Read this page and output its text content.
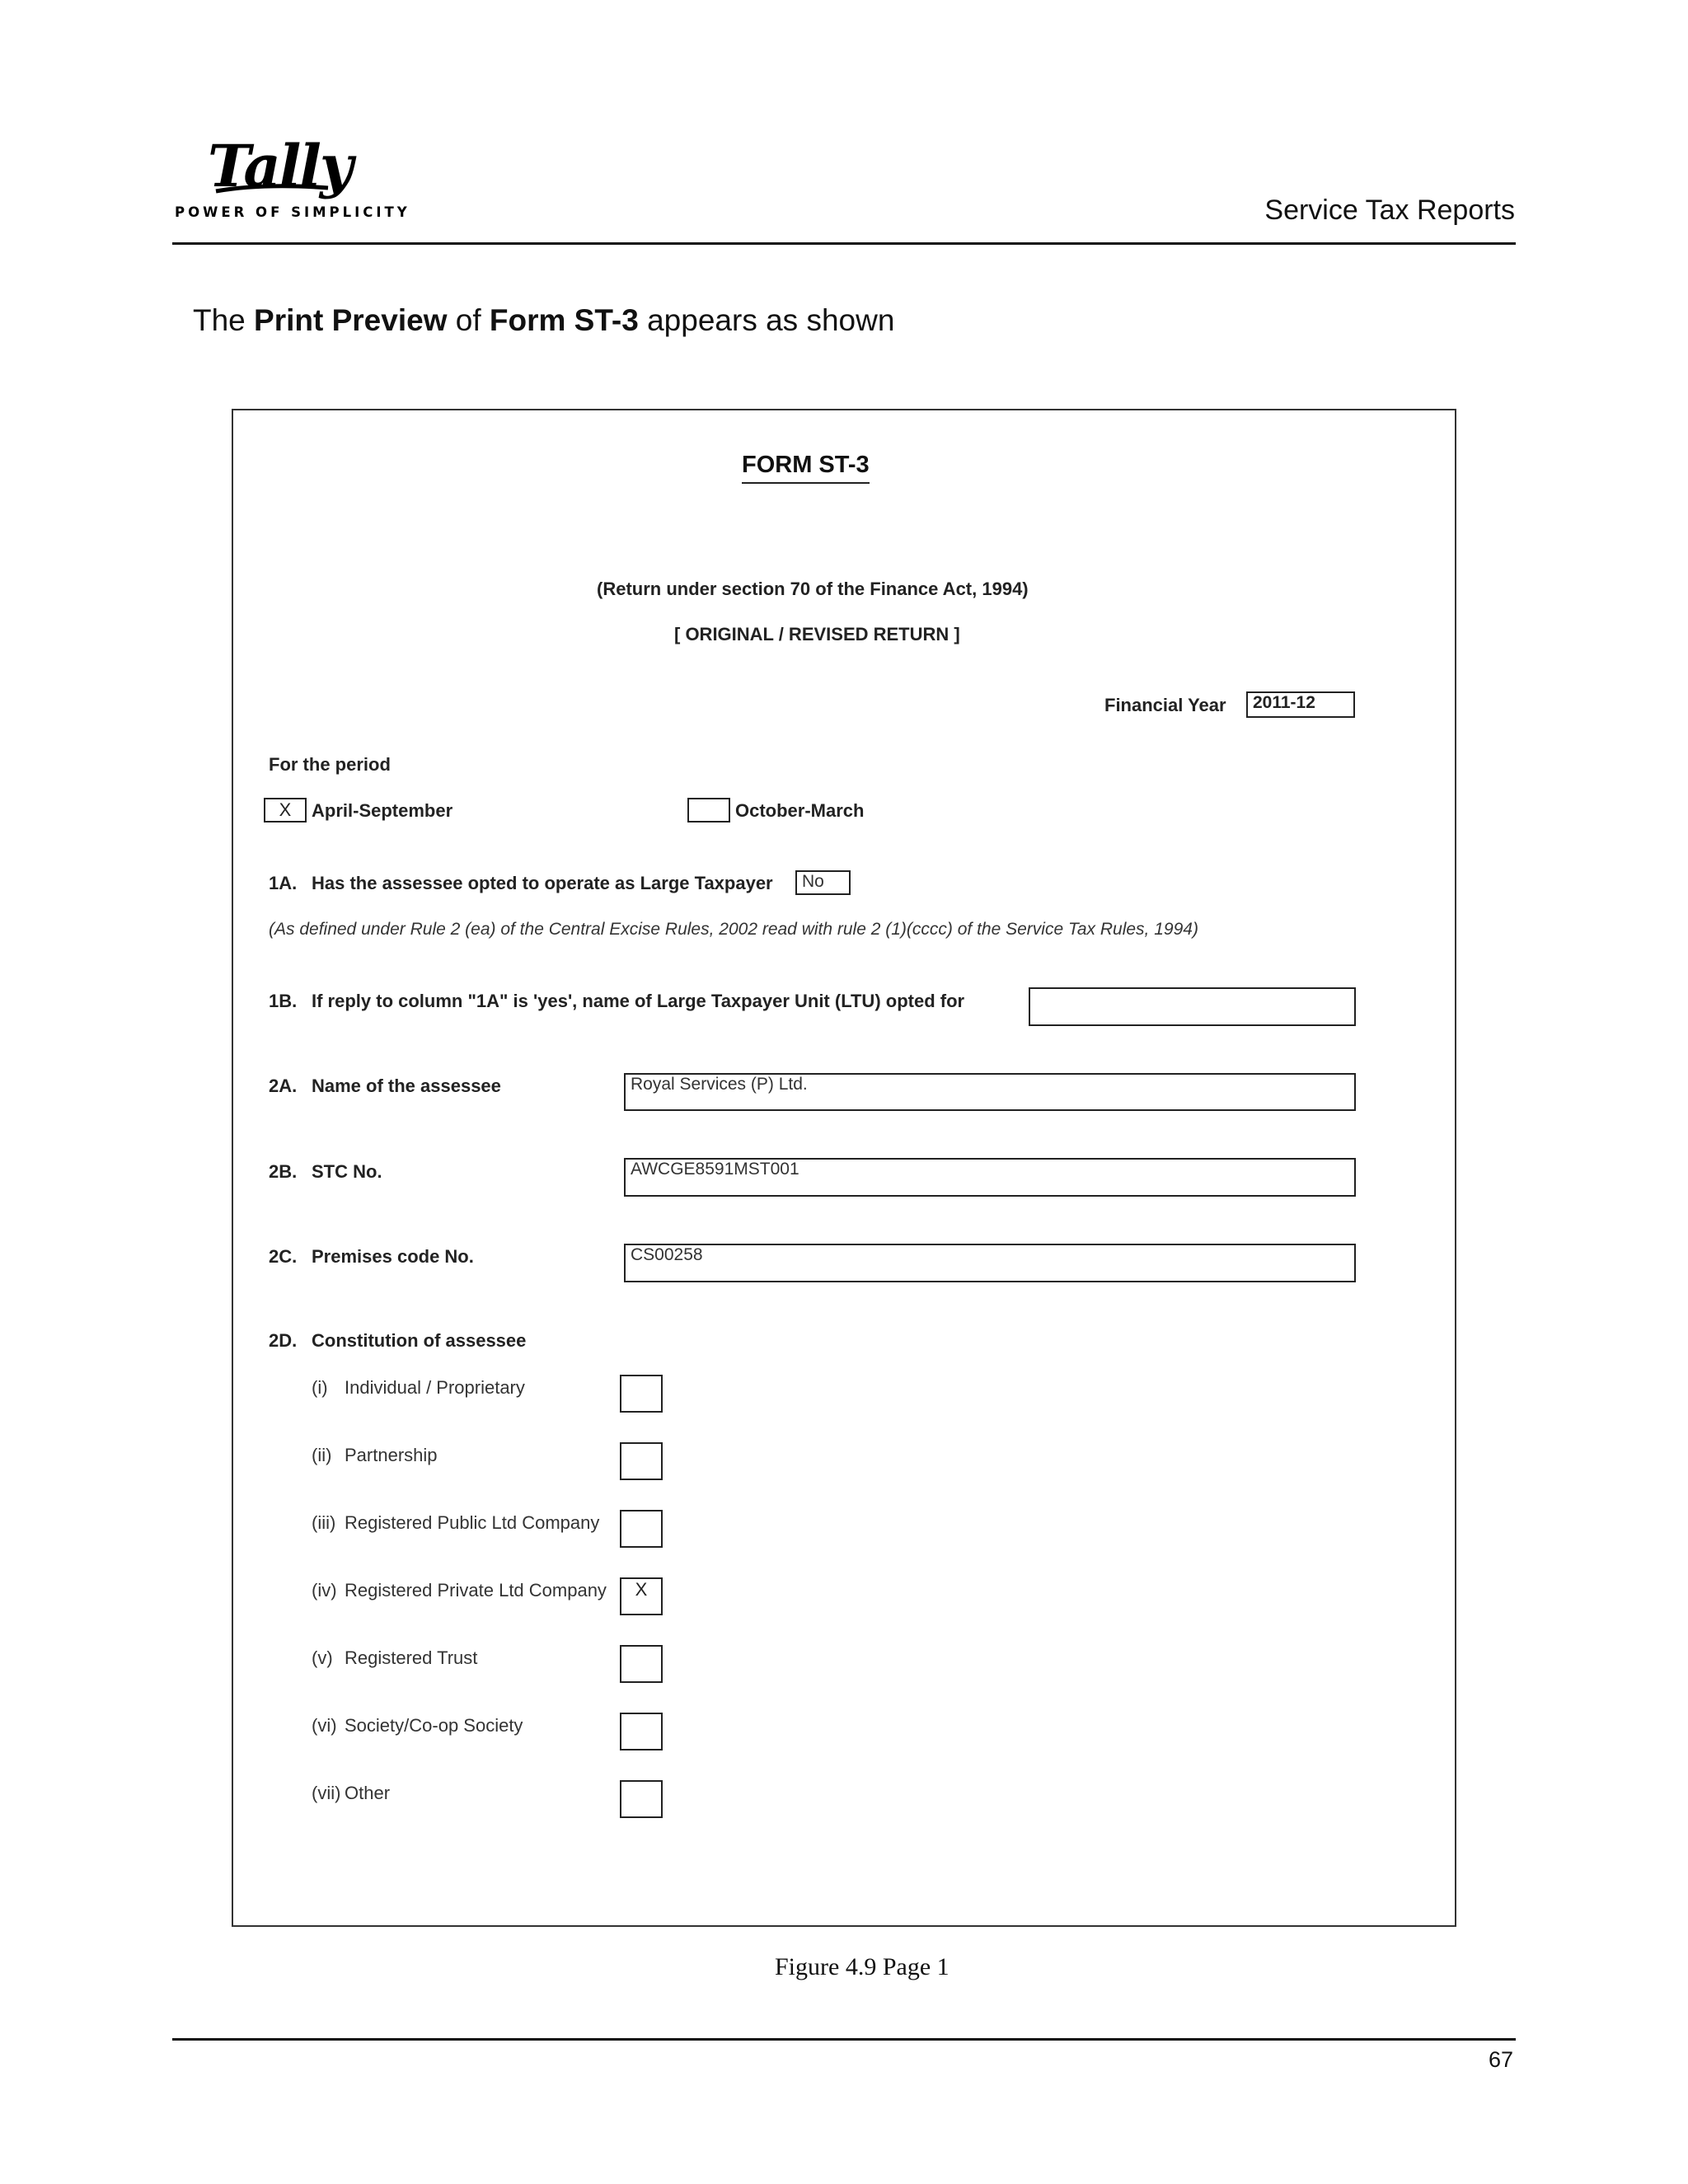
Tally
POWER OF SIMPLICITY	Service Tax Reports
The Print Preview of Form ST-3 appears as shown
FORM ST-3
(Return under section 70 of the Finance Act, 1994)
[ ORIGINAL / REVISED RETURN ]
Financial Year 2011-12
For the period
X	April-September	October-March
1A. Has the assessee opted to operate as Large Taxpayer No
(As defined under Rule 2 (ea) of the Central Excise Rules, 2002 read with rule 2 (1)(cccc) of the Service Tax Rules, 1994)
1B. If reply to column "1A" is 'yes', name of Large Taxpayer Unit (LTU) opted for
2A. Name of the assessee	Royal Services (P) Ltd.
2B. STC No.	AWCGE8591MST001
2C. Premises code No.	CS00258
2D. Constitution of assessee
(i) Individual / Proprietary
(ii) Partnership
(iii) Registered Public Ltd Company
(iv) Registered Private Ltd Company	X
(v) Registered Trust
(vi) Society/Co-op Society
(vii) Other
Figure 4.9 Page 1
67
